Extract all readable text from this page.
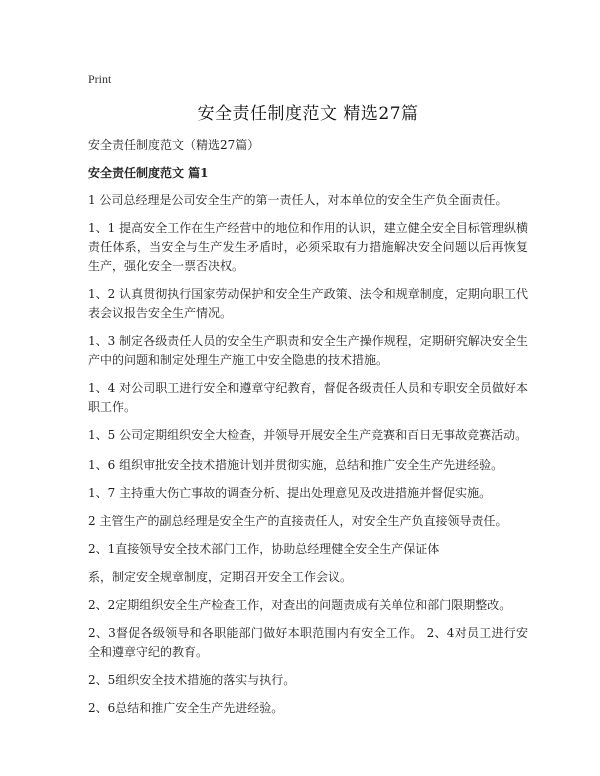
Print
安全责任制度范文 精选27篇
安全责任制度范文（精选27篇）
安全责任制度范文 篇1
1 公司总经理是公司安全生产的第一责任人，对本单位的安全生产负全面责任。
1、1 提高安全工作在生产经营中的地位和作用的认识，建立健全安全目标管理纵横责任体系，当安全与生产发生矛盾时，必须采取有力措施解决安全问题以后再恢复生产，强化安全一票否决权。
1、2 认真贯彻执行国家劳动保护和安全生产政策、法令和规章制度，定期向职工代表会议报告安全生产情况。
1、3 制定各级责任人员的安全生产职责和安全生产操作规程，定期研究解决安全生产中的问题和制定处理生产施工中安全隐患的技术措施。
1、4 对公司职工进行安全和遵章守纪教育，督促各级责任人员和专职安全员做好本职工作。
1、5 公司定期组织安全大检查，并领导开展安全生产竞赛和百日无事故竞赛活动。
1、6 组织审批安全技术措施计划并贯彻实施，总结和推广安全生产先进经验。
1、7 主持重大伤亡事故的调查分析、提出处理意见及改进措施并督促实施。
2 主管生产的副总经理是安全生产的直接责任人，对安全生产负直接领导责任。
2、1直接领导安全技术部门工作，协助总经理健全安全生产保证体
系，制定安全规章制度，定期召开安全工作会议。
2、2定期组织安全生产检查工作，对查出的问题责成有关单位和部门限期整改。
2、3督促各级领导和各职能部门做好本职范围内有安全工作。 2、4对员工进行安全和遵章守纪的教育。
2、5组织安全技术措施的落实与执行。
2、6总结和推广安全生产先进经验。
